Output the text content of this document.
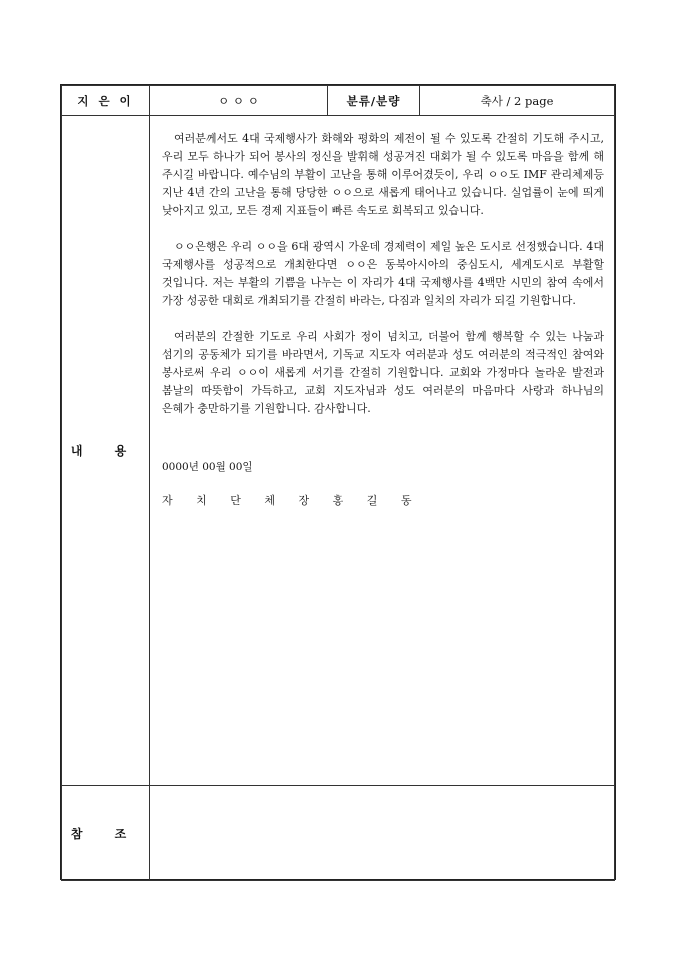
지 은 이	ㅇ ㅇ ㅇ	분류/분량	축사 / 2 page
내 용	여러분께서도 4대 국제행사가 화해와 평화의 제전이 될 수 있도록 간절히 기도해 주시고, 우리 모두 하나가 되어 봉사의 정신을 발휘해 성공겨진 대회가 될 수 있도록 마음을 함께 해 주시길 바랍니다. 예수님의 부활이 고난을 통해 이루어겼듯이, 우리 ㅇㅇ도 IMF 관리체제등 지난 4년 간의 고난을 통해 당당한 ㅇㅇ으로 새롭게 태어나고 있습니다. 실업률이 눈에 띄게 낮아지고 있고, 모든 경제 지표들이 빠른 속도로 회복되고 있습니다.

ㅇㅇ은행은 우리 ㅇㅇ을 6대 광역시 가운데 경제력이 제일 높은 도시로 선정했습니다. 4대 국제행사를 성공적으로 개최한다면 ㅇㅇ은 동북아시아의 중심도시, 세계도시로 부활할 것입니다. 저는 부활의 기쁨을 나누는 이 자리가 4대 국제행사를 4백만 시민의 참여 속에서 가장 성공한 대회로 개최되기를 간절히 바라는, 다짐과 일치의 자리가 되길 기원합니다.

여러분의 간절한 기도로 우리 사회가 정이 넘치고, 더불어 함께 행복할 수 있는 나눔과 섬기의 공동체가 되기를 바라면서, 기독교 지도자 여러분과 성도 여러분의 적극적인 참여와 봉사로써 우리 ㅇㅇ이 새롭게 서기를 간절히 기원합니다. 교회와 가정마다 놀라운 발전과 봄날의 따뜻함이 가득하고, 교회 지도자님과 성도 여러분의 마음마다 사랑과 하나님의 은혜가 충만하기를 기원합니다. 감사합니다.

0000년 00월 00일
자 치 단 체 장 홍 길 동		

참 조			
